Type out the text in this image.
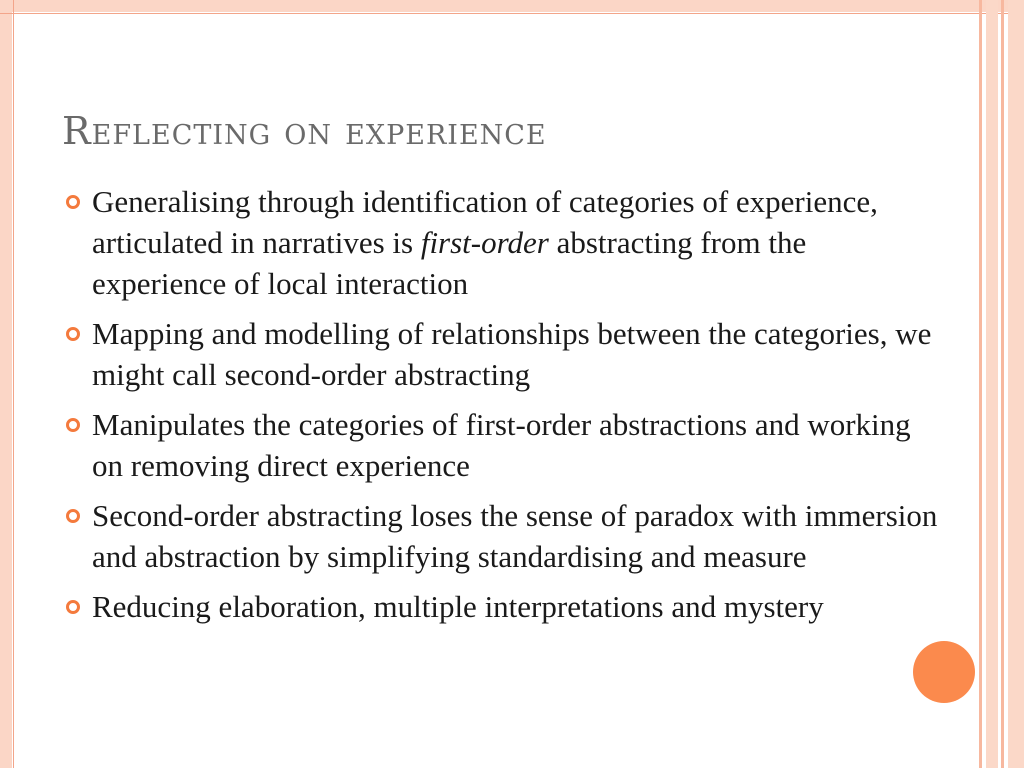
Reflecting on experience
Generalising through identification of categories of experience, articulated in narratives is first-order abstracting from the experience of local interaction
Mapping and modelling of relationships between the categories, we might call second-order abstracting
Manipulates the categories of first-order abstractions and working on removing direct experience
Second-order abstracting loses the sense of paradox with immersion and abstraction by simplifying standardising and measure
Reducing elaboration, multiple interpretations and mystery
